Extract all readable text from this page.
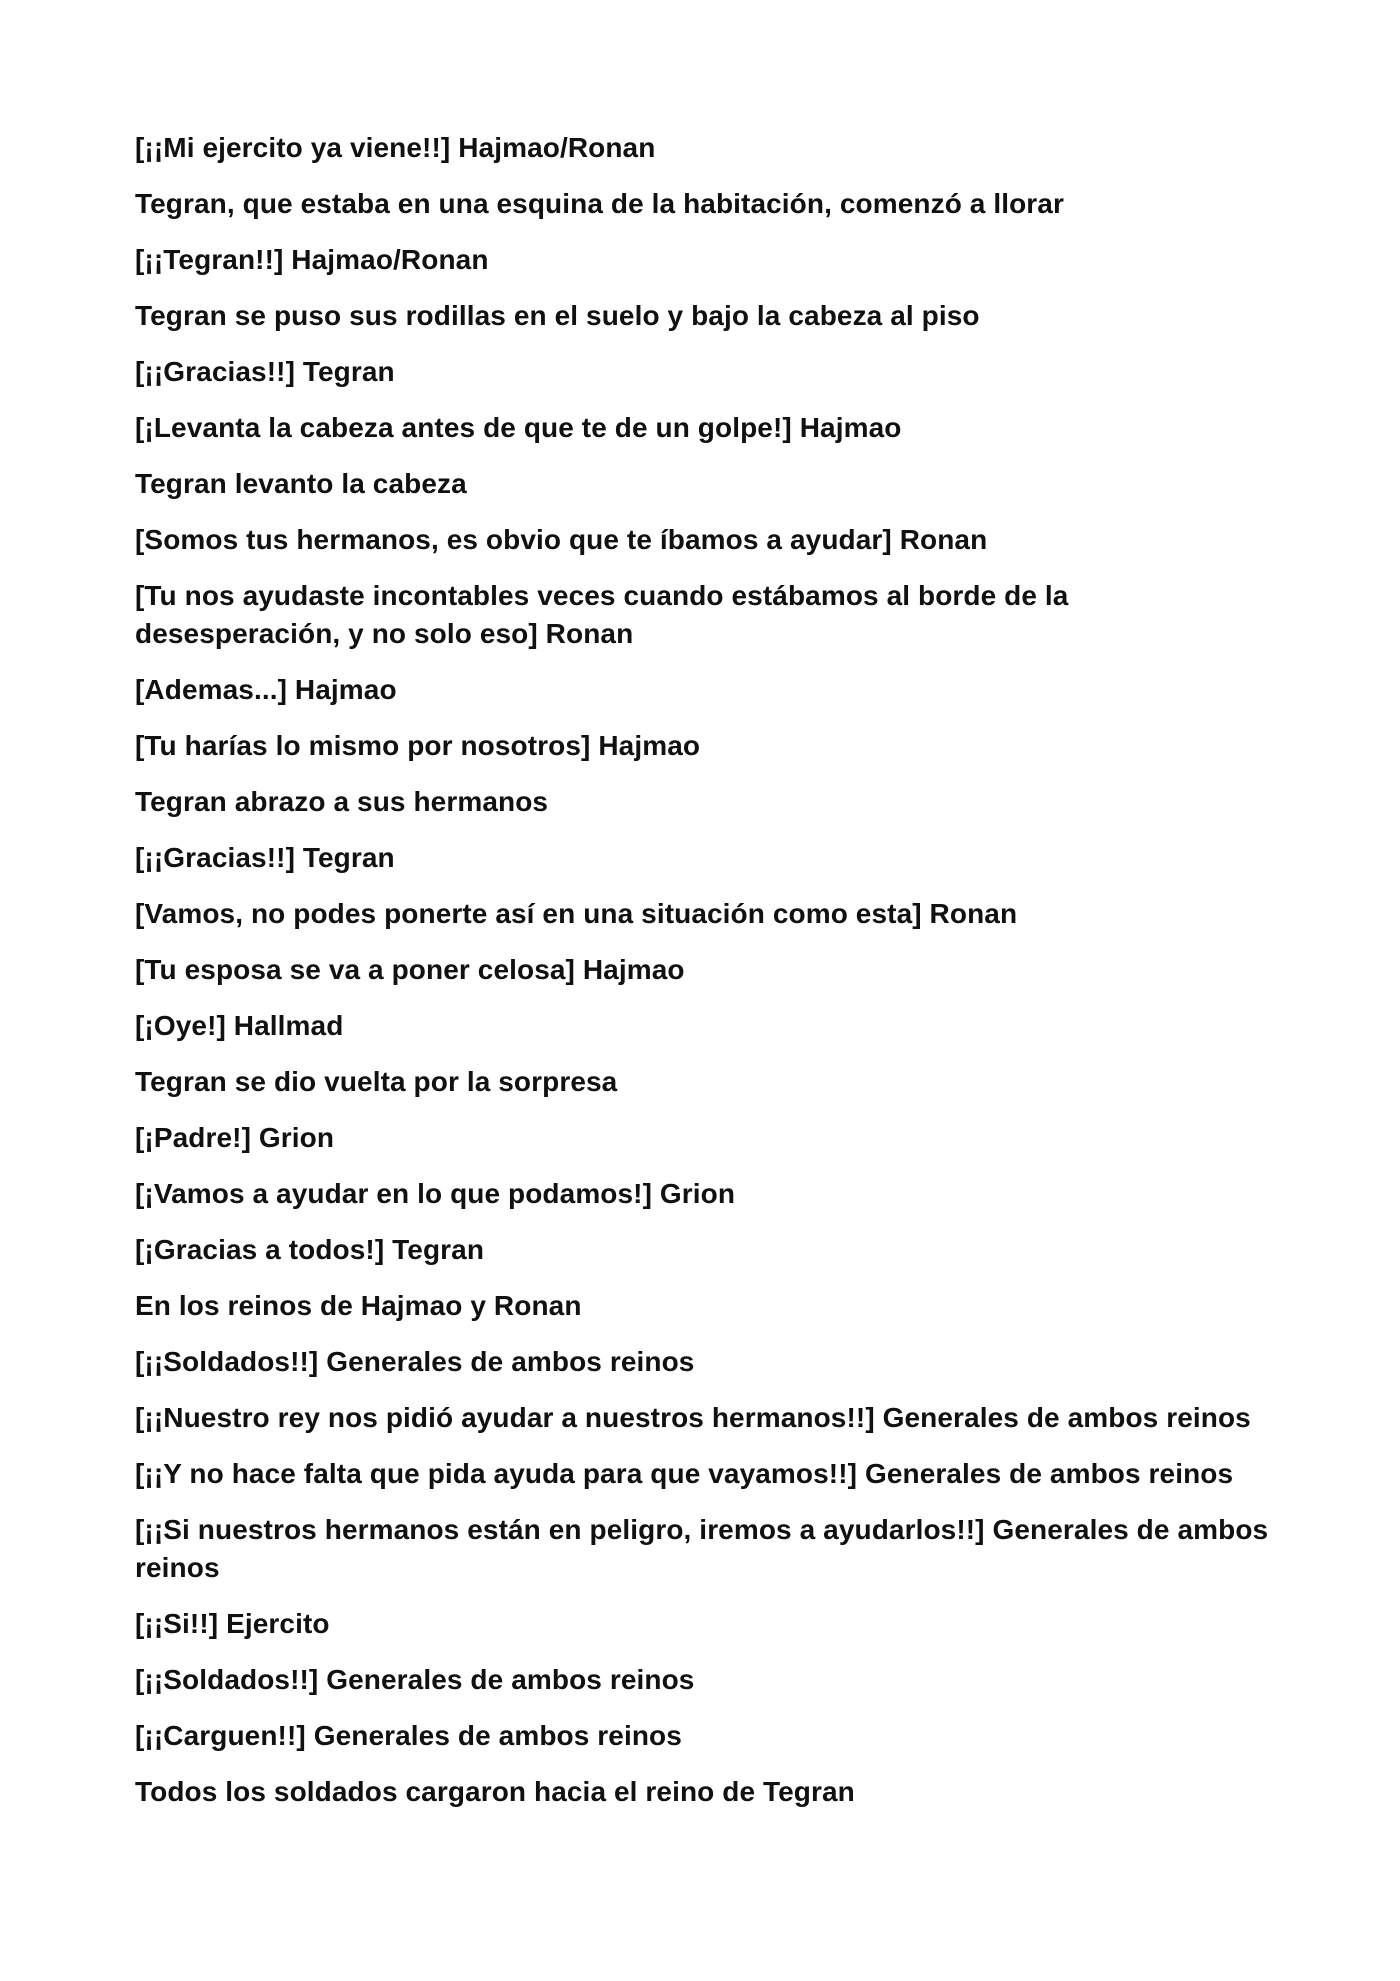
[¡¡Mi ejercito ya viene!!] Hajmao/Ronan

Tegran, que estaba en una esquina de la habitación, comenzó a llorar

[¡¡Tegran!!] Hajmao/Ronan

Tegran se puso sus rodillas en el suelo y bajo la cabeza al piso

[¡¡Gracias!!] Tegran

[¡Levanta la cabeza antes de que te de un golpe!] Hajmao

Tegran levanto la cabeza

[Somos tus hermanos, es obvio que te íbamos a ayudar] Ronan

[Tu nos ayudaste incontables veces cuando estábamos al borde de la desesperación, y no solo eso] Ronan

[Ademas...] Hajmao

[Tu harías lo mismo por nosotros] Hajmao

Tegran abrazo a sus hermanos

[¡¡Gracias!!] Tegran

[Vamos, no podes ponerte así en una situación como esta] Ronan

[Tu esposa se va a poner celosa] Hajmao

[¡Oye!] Hallmad

Tegran se dio vuelta por la sorpresa

[¡Padre!] Grion

[¡Vamos a ayudar en lo que podamos!] Grion

[¡Gracias a todos!] Tegran

En los reinos de Hajmao y Ronan

[¡¡Soldados!!] Generales de ambos reinos

[¡¡Nuestro rey nos pidió ayudar a nuestros hermanos!!] Generales de ambos reinos

[¡¡Y no hace falta que pida ayuda para que vayamos!!] Generales de ambos reinos

[¡¡Si nuestros hermanos están en peligro, iremos a ayudarlos!!] Generales de ambos reinos

[¡¡Si!!] Ejercito

[¡¡Soldados!!] Generales de ambos reinos

[¡¡Carguen!!] Generales de ambos reinos

Todos los soldados cargaron hacia el reino de Tegran
